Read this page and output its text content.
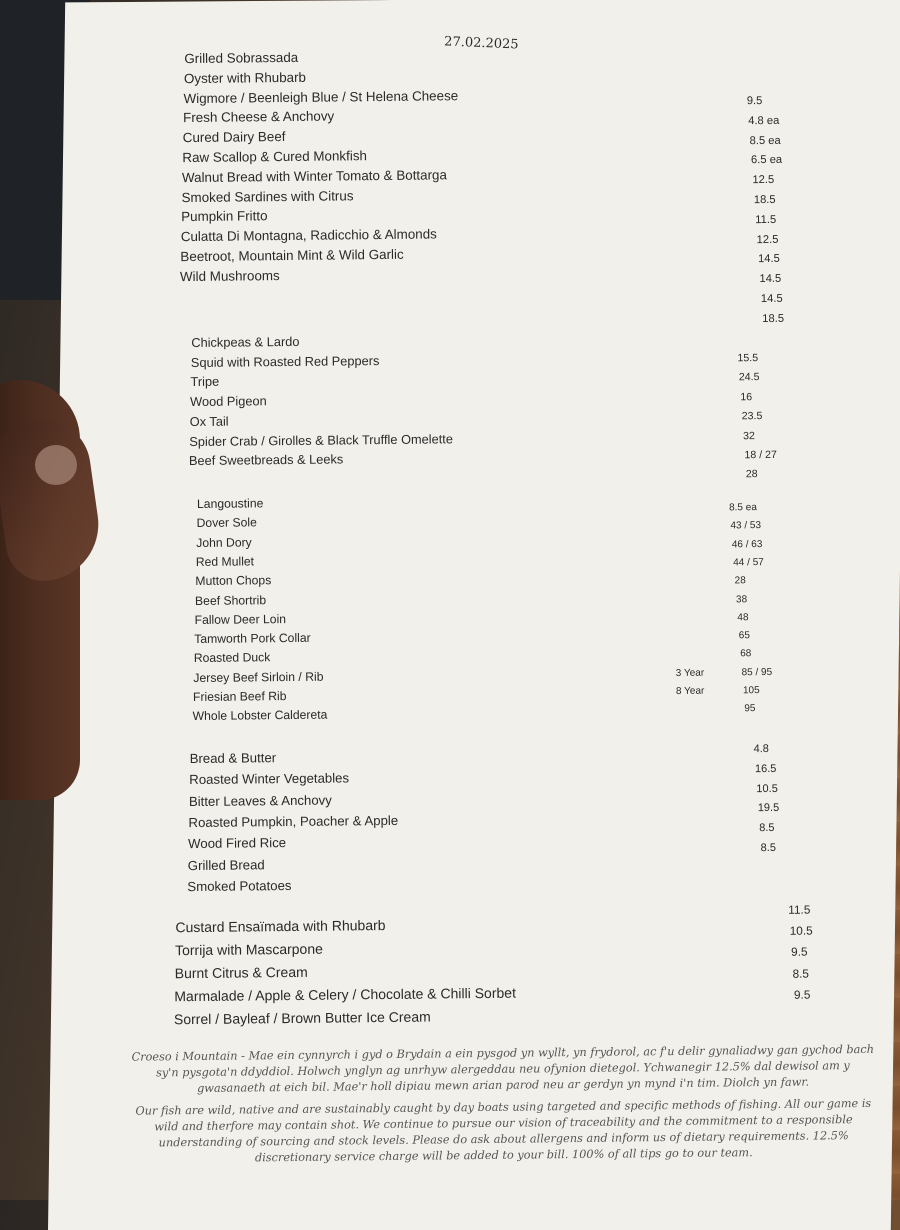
27.02.2025
Grilled Sobrassada
Oyster with Rhubarb
Wigmore / Beenleigh Blue / St Helena Cheese
Fresh Cheese & Anchovy
Cured Dairy Beef
Raw Scallop & Cured Monkfish
Walnut Bread with Winter Tomato & Bottarga
Smoked Sardines with Citrus
Pumpkin Fritto
Culatta Di Montagna, Radicchio & Almonds
Beetroot, Mountain Mint & Wild Garlic
Wild Mushrooms
9.5
4.8 ea
8.5 ea
6.5 ea
12.5
18.5
11.5
12.5
14.5
14.5
14.5
18.5
Chickpeas & Lardo
Squid with Roasted Red Peppers
Tripe
Wood Pigeon
Ox Tail
Spider Crab / Girolles & Black Truffle Omelette
Beef Sweetbreads & Leeks
15.5
24.5
16
23.5
32
18 / 27
28
Langoustine
Dover Sole
John Dory
Red Mullet
Mutton Chops
Beef Shortrib
Fallow Deer Loin
Tamworth Pork Collar
Roasted Duck
Jersey Beef Sirloin / Rib	3 Year
Friesian Beef Rib	8 Year
Whole Lobster Caldereta
8.5 ea
43 / 53
46 / 63
44 / 57
28
38
48
65
68
85 / 95
105
95
Bread & Butter
Roasted Winter Vegetables
Bitter Leaves & Anchovy
Roasted Pumpkin, Poacher & Apple
Wood Fired Rice
Grilled Bread
Smoked Potatoes
4.8
16.5
10.5
19.5
8.5
8.5
Custard Ensaïmada with Rhubarb
Torrija with Mascarpone
Burnt Citrus & Cream
Marmalade / Apple & Celery / Chocolate & Chilli Sorbet
Sorrel / Bayleaf / Brown Butter Ice Cream
11.5
10.5
9.5
8.5
9.5
Croeso i Mountain - Mae ein cynnyrch i gyd o Brydain a ein pysgod yn wyllt, yn frydorol, ac f'u delir gynaliadwy gan gychod bach sy'n pysgota'n ddyddiol. Holwch ynglyn ag unrhyw alergeddau neu ofynion dietegol. Ychwanegir 12.5% dal dewisol am y gwasanaeth at eich bil. Mae'r holl dipiau mewn arian parod neu ar gerdyn yn mynd i'n tim. Diolch yn fawr.
Our fish are wild, native and are sustainably caught by day boats using targeted and specific methods of fishing. All our game is wild and therfore may contain shot. We continue to pursue our vision of traceability and the commitment to a responsible understanding of sourcing and stock levels. Please do ask about allergens and inform us of dietary requirements. 12.5% discretionary service charge will be added to your bill. 100% of all tips go to our team.
